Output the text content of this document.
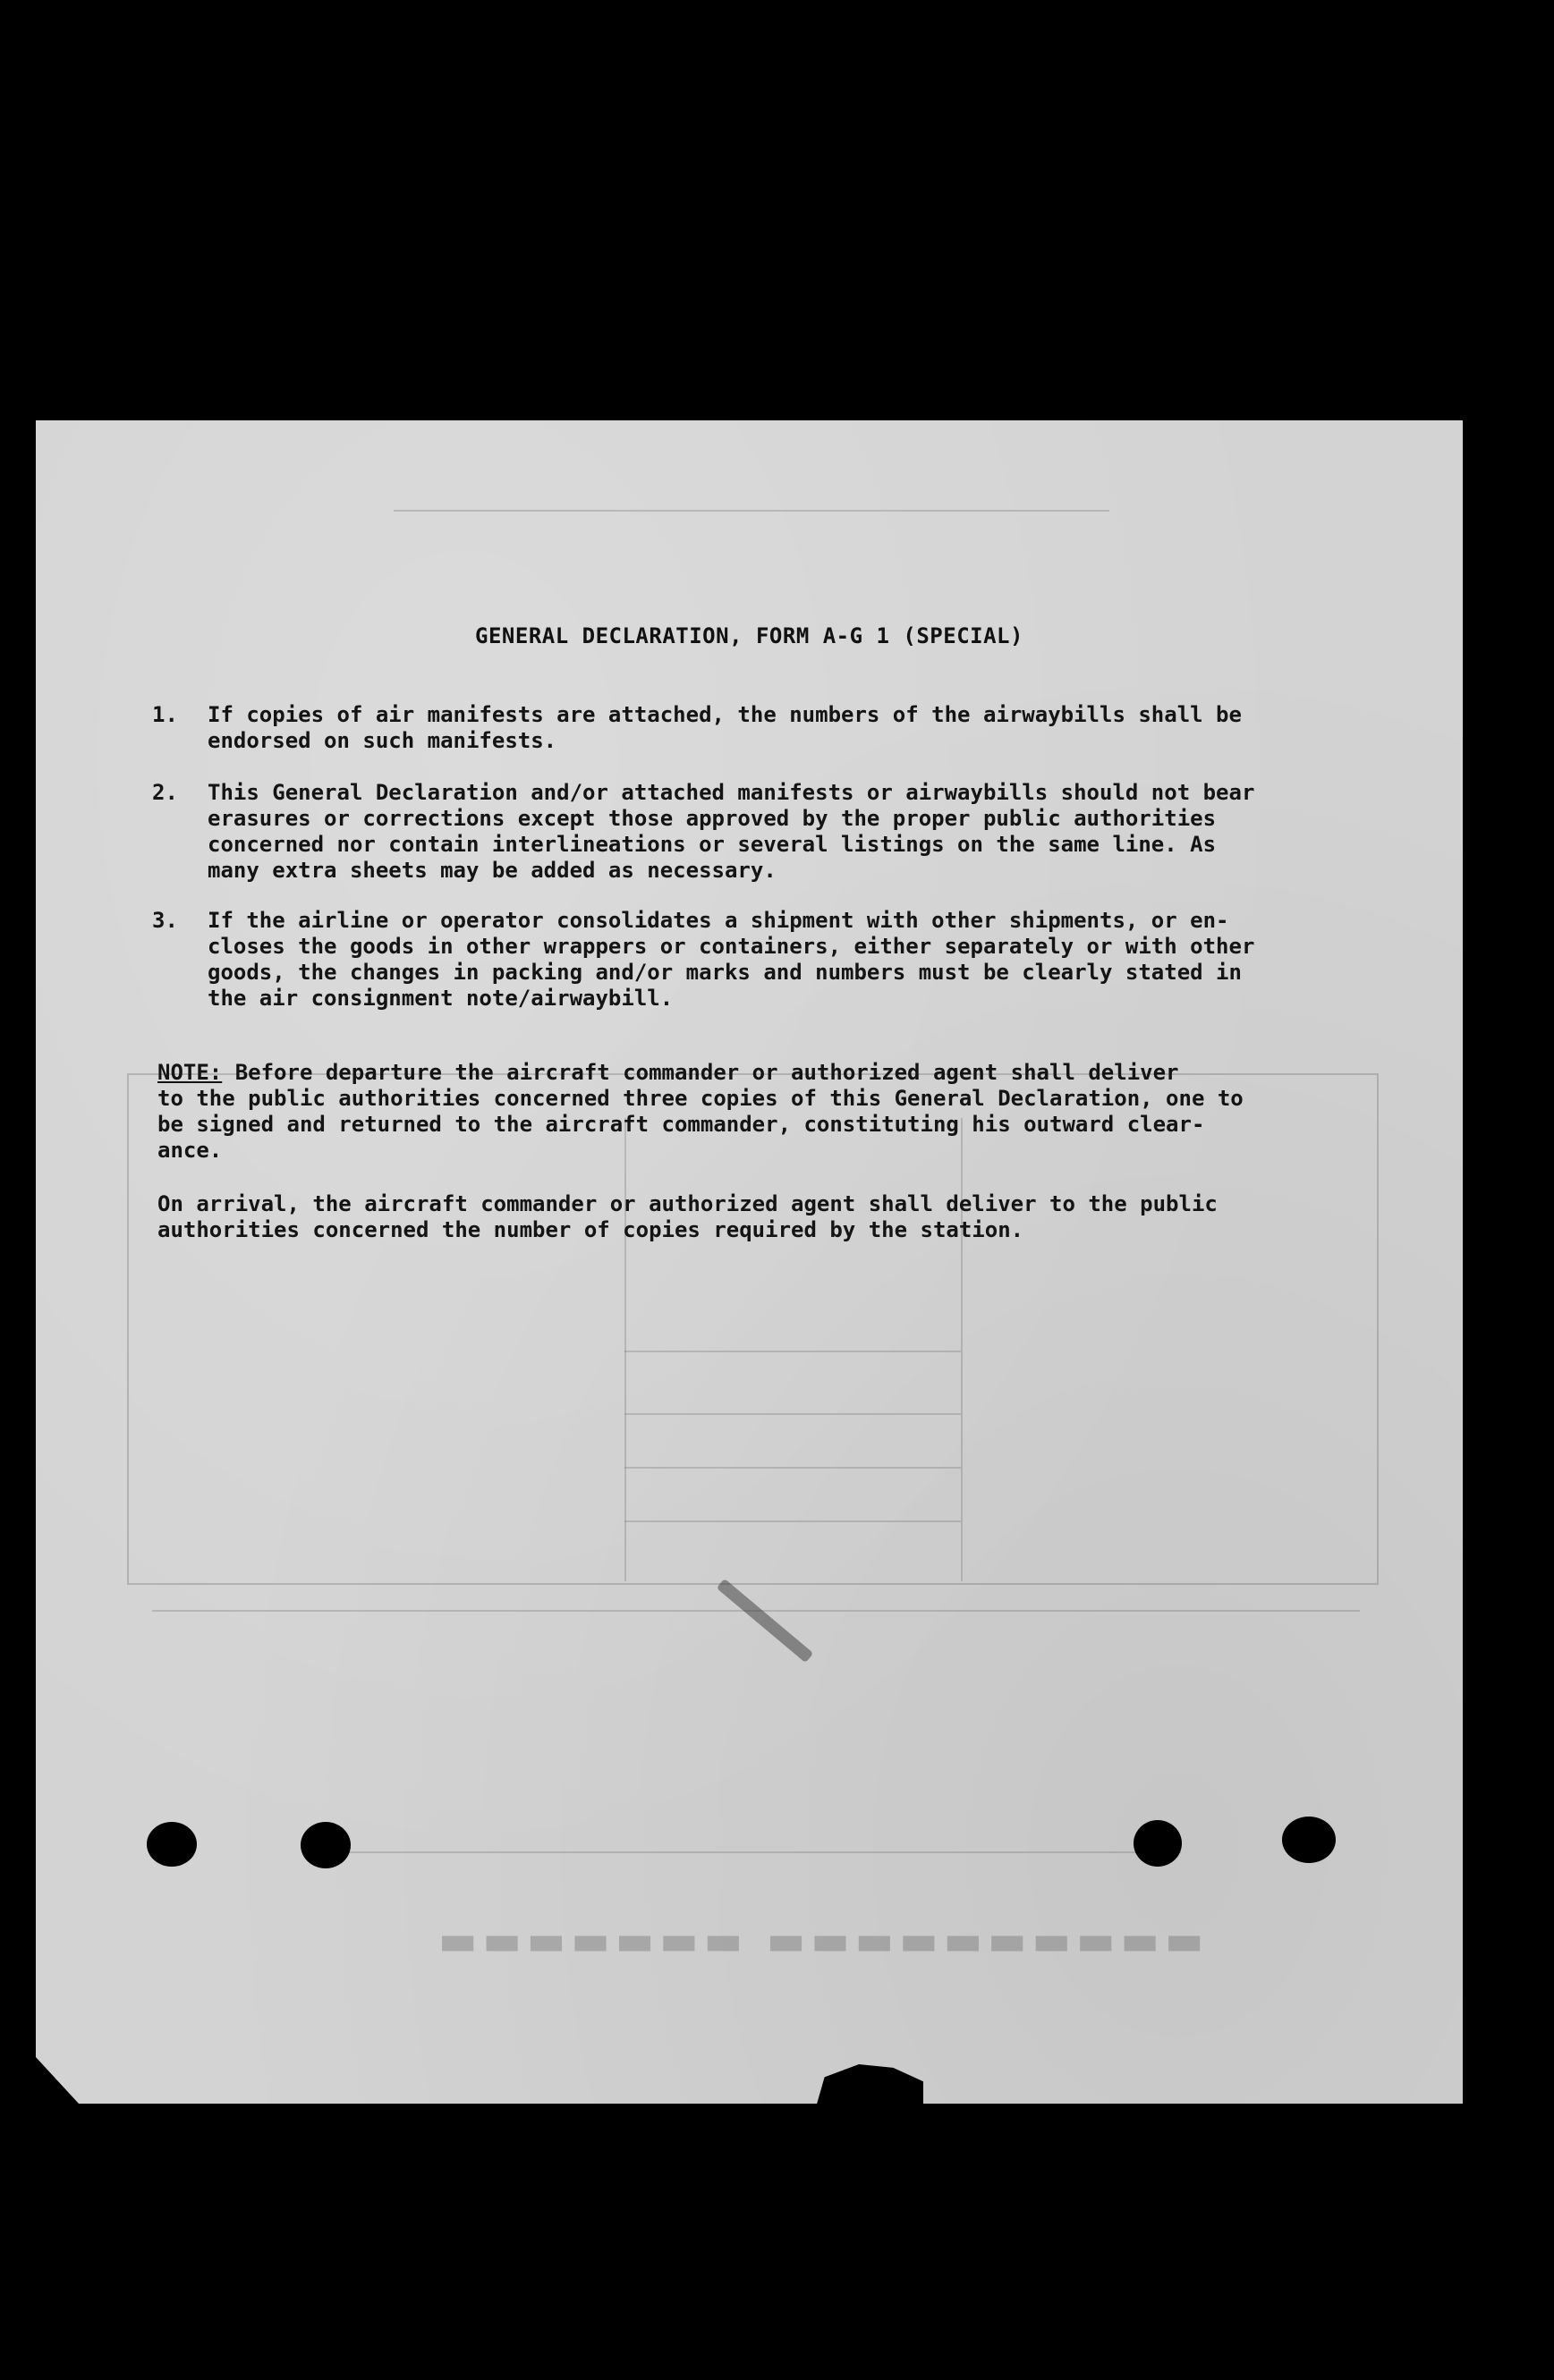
▬▬▬▬▬▬▬ ▬▬▬▬▬▬▬▬▬▬
GENERAL DECLARATION, FORM A-G 1 (SPECIAL)
1. If copies of air manifests are attached, the numbers of the airwaybills shall be
endorsed on such manifests.
2. This General Declaration and/or attached manifests or airwaybills should not bear
erasures or corrections except those approved by the proper public authorities
concerned nor contain interlineations or several listings on the same line. As
many extra sheets may be added as necessary.
3. If the airline or operator consolidates a shipment with other shipments, or en-
closes the goods in other wrappers or containers, either separately or with other
goods, the changes in packing and/or marks and numbers must be clearly stated in
the air consignment note/airwaybill.
NOTE: Before departure the aircraft commander or authorized agent shall deliver
to the public authorities concerned three copies of this General Declaration, one to
be signed and returned to the aircraft commander, constituting his outward clear-
ance.
On arrival, the aircraft commander or authorized agent shall deliver to the public
authorities concerned the number of copies required by the station.
